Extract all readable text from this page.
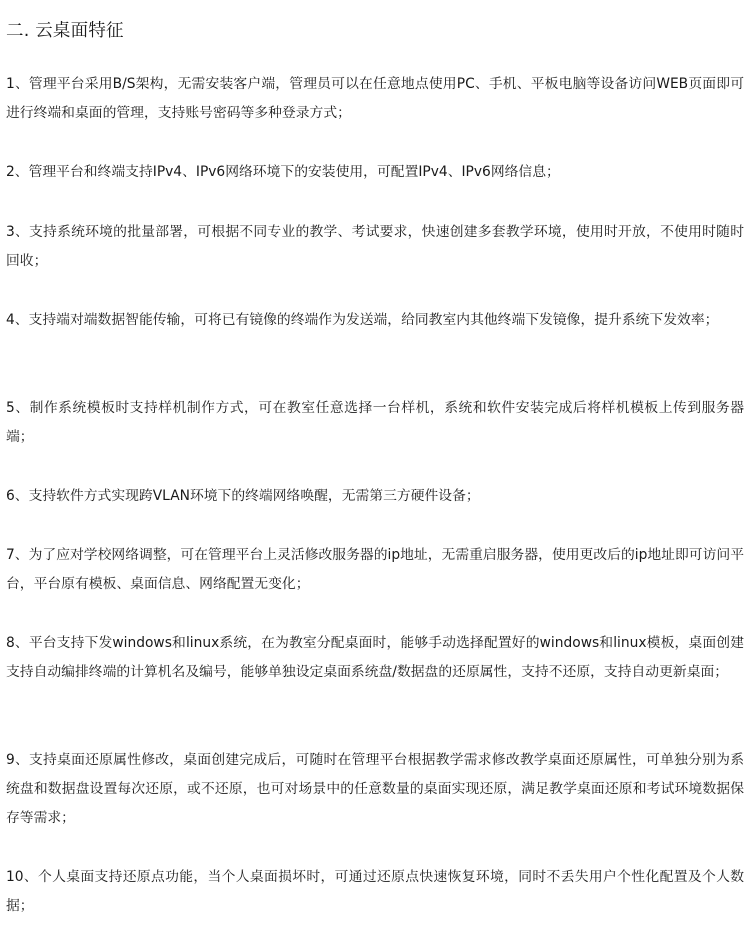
二. 云桌面特征
1、管理平台采用B/S架构，无需安装客户端，管理员可以在任意地点使用PC、手机、平板电脑等设备访问WEB页面即可进行终端和桌面的管理，支持账号密码等多种登录方式；
2、管理平台和终端支持IPv4、IPv6网络环境下的安装使用，可配置IPv4、IPv6网络信息；
3、支持系统环境的批量部署，可根据不同专业的教学、考试要求，快速创建多套教学环境，使用时开放，不使用时随时回收；
4、支持端对端数据智能传输，可将已有镜像的终端作为发送端，给同教室内其他终端下发镜像，提升系统下发效率；
5、制作系统模板时支持样机制作方式，可在教室任意选择一台样机，系统和软件安装完成后将样机模板上传到服务器端；
6、支持软件方式实现跨VLAN环境下的终端网络唤醒，无需第三方硬件设备；
7、为了应对学校网络调整，可在管理平台上灵活修改服务器的ip地址，无需重启服务器，使用更改后的ip地址即可访问平台，平台原有模板、桌面信息、网络配置无变化；
8、平台支持下发windows和linux系统，在为教室分配桌面时，能够手动选择配置好的windows和linux模板，桌面创建支持自动编排终端的计算机名及编号，能够单独设定桌面系统盘/数据盘的还原属性，支持不还原，支持自动更新桌面；
9、支持桌面还原属性修改，桌面创建完成后，可随时在管理平台根据教学需求修改教学桌面还原属性，可单独分别为系统盘和数据盘设置每次还原，或不还原，也可对场景中的任意数量的桌面实现还原，满足教学桌面还原和考试环境数据保存等需求；
10、个人桌面支持还原点功能，当个人桌面损坏时，可通过还原点快速恢复环境，同时不丢失用户个性化配置及个人数据；
